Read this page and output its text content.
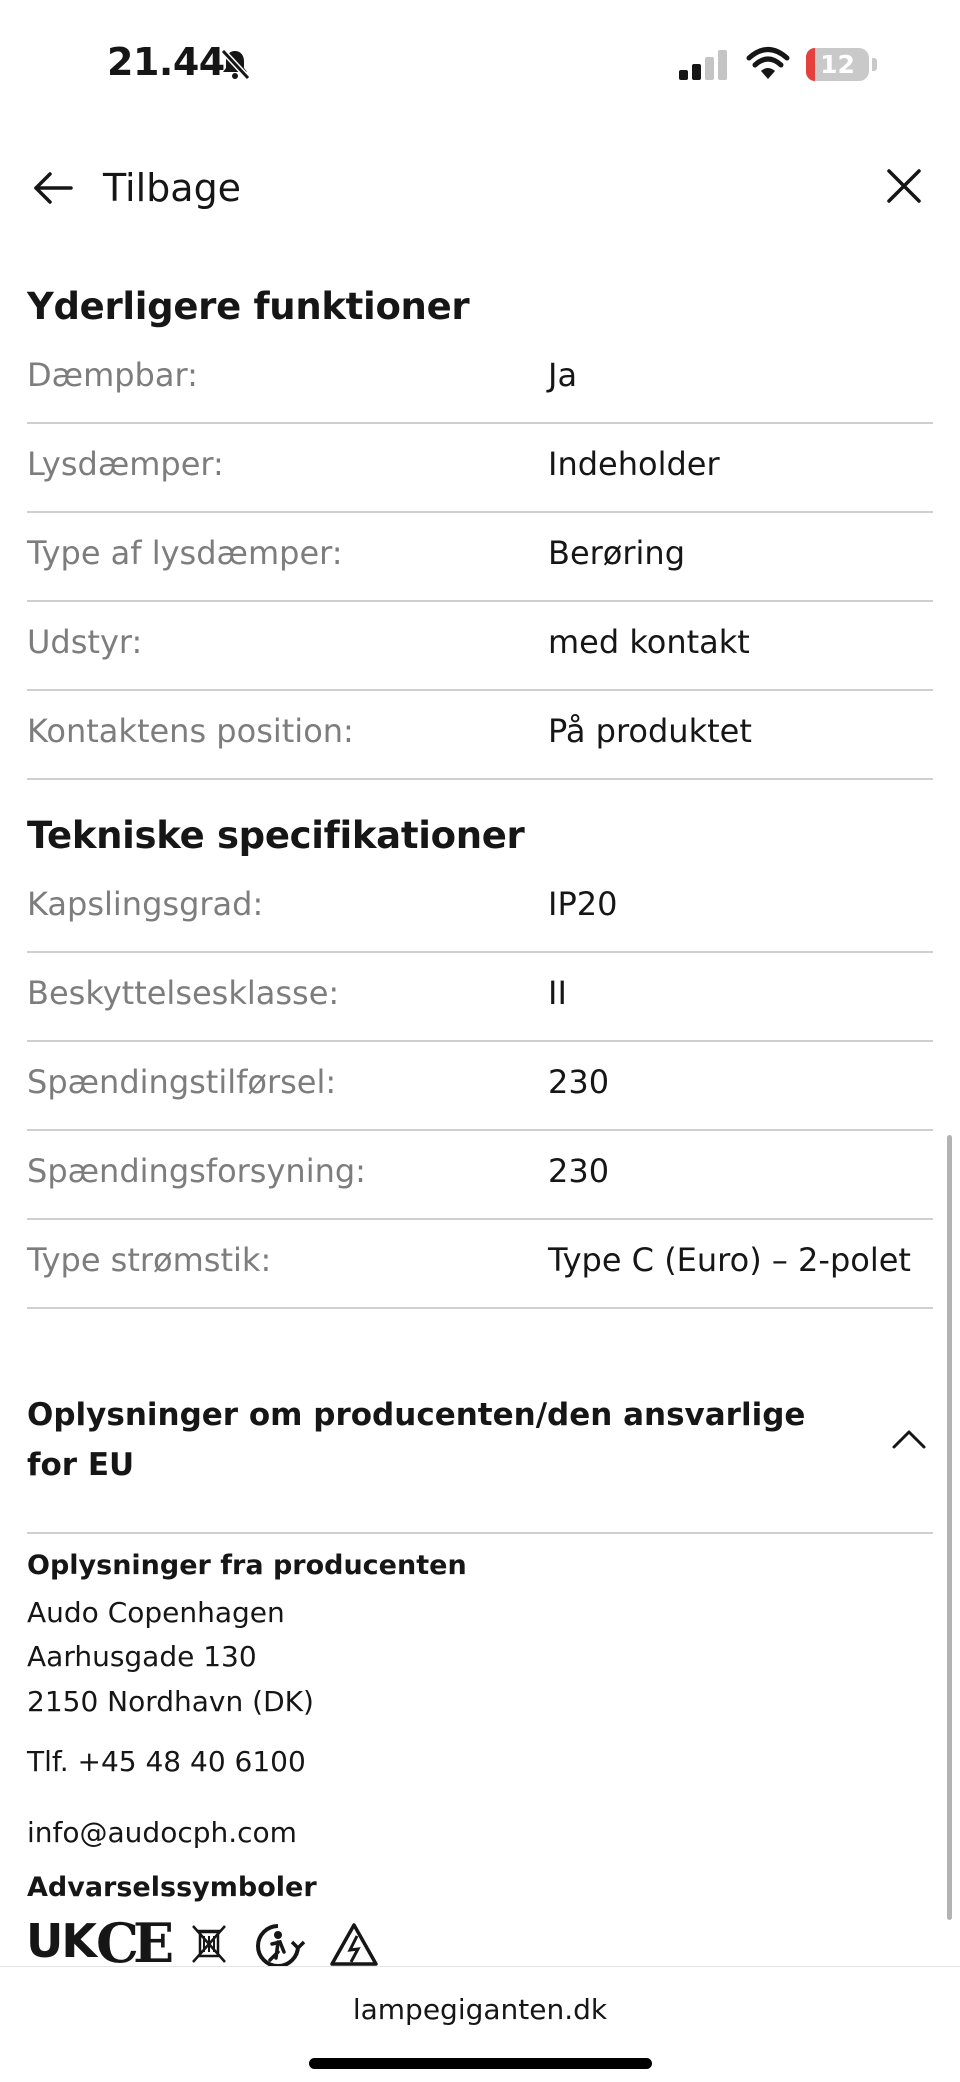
21.44	12
Tilbage
Yderligere funktioner
Dæmpbar:	Ja
Lysdæmper:	Indeholder
Type af lysdæmper:	Berøring
Udstyr:	med kontakt
Kontaktens position:	På produktet
Tekniske specifikationer
Kapslingsgrad:	IP20
Beskyttelsesklasse:	II
Spændingstilførsel:	230
Spændingsforsyning:	230
Type strømstik:	Type C (Euro) – 2-polet
Oplysninger om producenten/den ansvarlige for EU
Oplysninger fra producenten
Audo Copenhagen
Aarhusgade 130
2150 Nordhavn (DK)
Tlf. +45 48 40 6100
info@audocph.com
Advarselssymboler
UK CE
lampegiganten.dk
